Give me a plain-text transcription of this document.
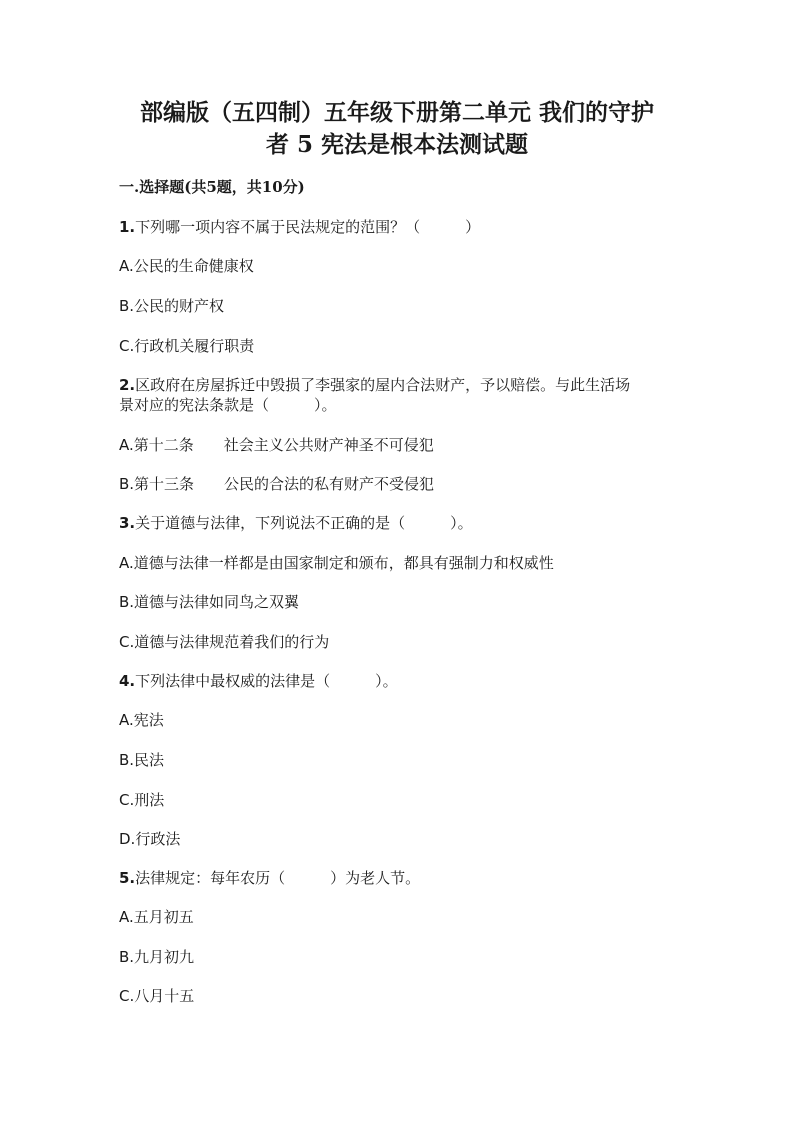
部编版（五四制）五年级下册第二单元 我们的守护
者 5 宪法是根本法测试题
一.选择题(共5题，共10分)
1.下列哪一项内容不属于民法规定的范围？（　　　）
A.公民的生命健康权
B.公民的财产权
C.行政机关履行职责
2.区政府在房屋拆迁中毁损了李强家的屋内合法财产，予以赔偿。与此生活场
景对应的宪法条款是（　　　）。
A.第十二条　　社会主义公共财产神圣不可侵犯
B.第十三条　　公民的合法的私有财产不受侵犯
3.关于道德与法律，下列说法不正确的是（　　　）。
A.道德与法律一样都是由国家制定和颁布，都具有强制力和权威性
B.道德与法律如同鸟之双翼
C.道德与法律规范着我们的行为
4.下列法律中最权威的法律是（　　　）。
A.宪法
B.民法
C.刑法
D.行政法
5.法律规定：每年农历（　　　）为老人节。
A.五月初五
B.九月初九
C.八月十五
